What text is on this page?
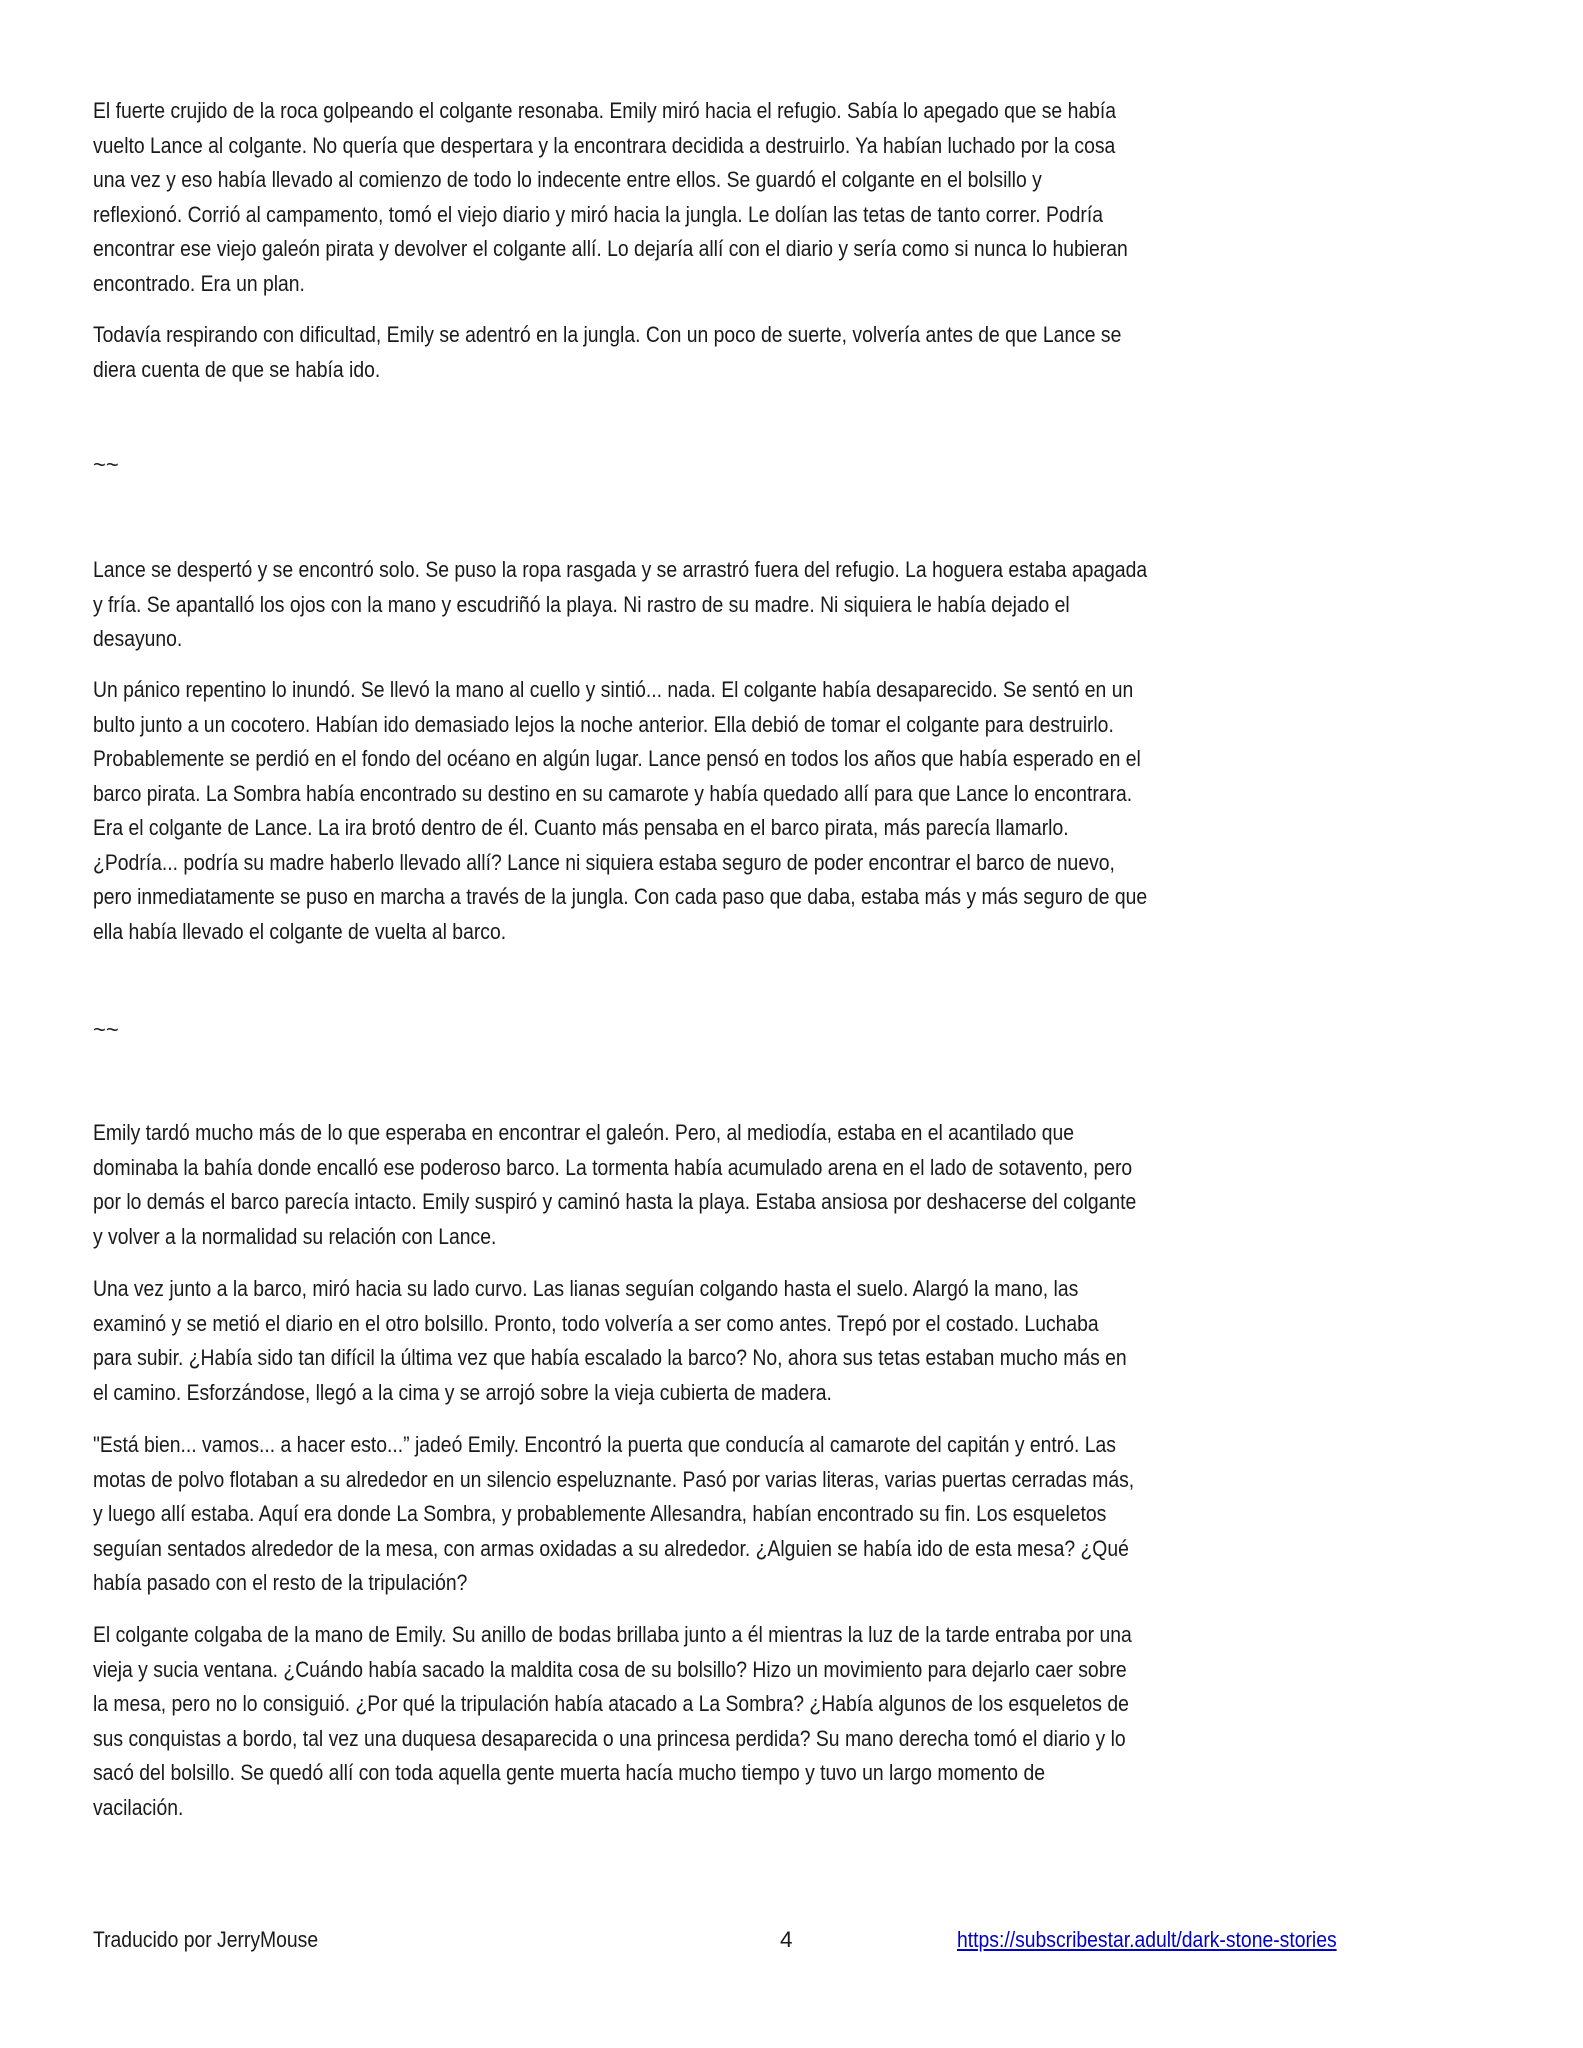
El fuerte crujido de la roca golpeando el colgante resonaba. Emily miró hacia el refugio. Sabía lo apegado que se había
vuelto Lance al colgante. No quería que despertara y la encontrara decidida a destruirlo. Ya habían luchado por la cosa
una vez y eso había llevado al comienzo de todo lo indecente entre ellos. Se guardó el colgante en el bolsillo y
reflexionó. Corrió al campamento, tomó el viejo diario y miró hacia la jungla. Le dolían las tetas de tanto correr. Podría
encontrar ese viejo galeón pirata y devolver el colgante allí. Lo dejaría allí con el diario y sería como si nunca lo hubieran
encontrado. Era un plan.
Todavía respirando con dificultad, Emily se adentró en la jungla. Con un poco de suerte, volvería antes de que Lance se
diera cuenta de que se había ido.
Lance se despertó y se encontró solo. Se puso la ropa rasgada y se arrastró fuera del refugio. La hoguera estaba apagada
y fría. Se apantalló los ojos con la mano y escudriñó la playa. Ni rastro de su madre. Ni siquiera le había dejado el
desayuno.
Un pánico repentino lo inundó. Se llevó la mano al cuello y sintió... nada. El colgante había desaparecido. Se sentó en un
bulto junto a un cocotero. Habían ido demasiado lejos la noche anterior. Ella debió de tomar el colgante para destruirlo.
Probablemente se perdió en el fondo del océano en algún lugar. Lance pensó en todos los años que había esperado en el
barco pirata. La Sombra había encontrado su destino en su camarote y había quedado allí para que Lance lo encontrara.
Era el colgante de Lance. La ira brotó dentro de él. Cuanto más pensaba en el barco pirata, más parecía llamarlo.
¿Podría... podría su madre haberlo llevado allí? Lance ni siquiera estaba seguro de poder encontrar el barco de nuevo,
pero inmediatamente se puso en marcha a través de la jungla. Con cada paso que daba, estaba más y más seguro de que
ella había llevado el colgante de vuelta al barco.
Emily tardó mucho más de lo que esperaba en encontrar el galeón. Pero, al mediodía, estaba en el acantilado que
dominaba la bahía donde encalló ese poderoso barco. La tormenta había acumulado arena en el lado de sotavento, pero
por lo demás el barco parecía intacto. Emily suspiró y caminó hasta la playa. Estaba ansiosa por deshacerse del colgante
y volver a la normalidad su relación con Lance.
Una vez junto a la barco, miró hacia su lado curvo. Las lianas seguían colgando hasta el suelo. Alargó la mano, las
examinó y se metió el diario en el otro bolsillo. Pronto, todo volvería a ser como antes. Trepó por el costado. Luchaba
para subir. ¿Había sido tan difícil la última vez que había escalado la barco? No, ahora sus tetas estaban mucho más en
el camino. Esforzándose, llegó a la cima y se arrojó sobre la vieja cubierta de madera.
"Está bien... vamos... a hacer esto...” jadeó Emily. Encontró la puerta que conducía al camarote del capitán y entró. Las
motas de polvo flotaban a su alrededor en un silencio espeluznante. Pasó por varias literas, varias puertas cerradas más,
y luego allí estaba. Aquí era donde La Sombra, y probablemente Allesandra, habían encontrado su fin. Los esqueletos
seguían sentados alrededor de la mesa, con armas oxidadas a su alrededor. ¿Alguien se había ido de esta mesa? ¿Qué
había pasado con el resto de la tripulación?
El colgante colgaba de la mano de Emily. Su anillo de bodas brillaba junto a él mientras la luz de la tarde entraba por una
vieja y sucia ventana. ¿Cuándo había sacado la maldita cosa de su bolsillo? Hizo un movimiento para dejarlo caer sobre
la mesa, pero no lo consiguió. ¿Por qué la tripulación había atacado a La Sombra? ¿Había algunos de los esqueletos de
sus conquistas a bordo, tal vez una duquesa desaparecida o una princesa perdida? Su mano derecha tomó el diario y lo
sacó del bolsillo. Se quedó allí con toda aquella gente muerta hacía mucho tiempo y tuvo un largo momento de
vacilación.
~~
~~
Traducido por JerryMouse	4	https://subscribestar.adult/dark-stone-stories
